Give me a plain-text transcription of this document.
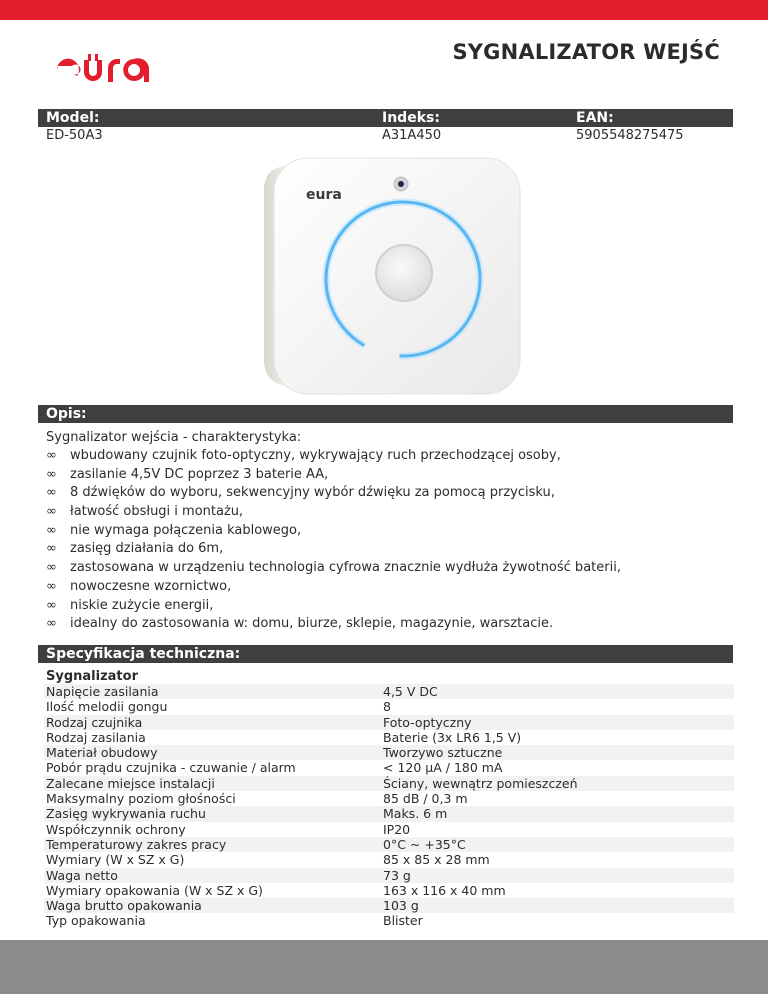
SYGNALIZATOR WEJŚĆ
Model:	Indeks:	EAN:
ED-50A3	A31A450	5905548275475
eura
Opis:
Sygnalizator wejścia - charakterystyka:
∞ wbudowany czujnik foto-optyczny, wykrywający ruch przechodzącej osoby,
∞ zasilanie 4,5V DC poprzez 3 baterie AA,
∞ 8 dźwięków do wyboru, sekwencyjny wybór dźwięku za pomocą przycisku,
∞ łatwość obsługi i montażu,
∞ nie wymaga połączenia kablowego,
∞ zasięg działania do 6m,
∞ zastosowana w urządzeniu technologia cyfrowa znacznie wydłuża żywotność baterii,
∞ nowoczesne wzornictwo,
∞ niskie zużycie energii,
∞ idealny do zastosowania w: domu, biurze, sklepie, magazynie, warsztacie.
Specyfikacja techniczna:
Sygnalizator
Napięcie zasilania	4,5 V DC
Ilość melodii gongu	8
Rodzaj czujnika	Foto-optyczny
Rodzaj zasilania	Baterie (3x LR6 1,5 V)
Materiał obudowy	Tworzywo sztuczne
Pobór prądu czujnika - czuwanie / alarm	< 120 µA / 180 mA
Zalecane miejsce instalacji	Ściany, wewnątrz pomieszczeń
Maksymalny poziom głośności	85 dB / 0,3 m
Zasięg wykrywania ruchu	Maks. 6 m
Współczynnik ochrony	IP20
Temperaturowy zakres pracy	0°C ~ +35°C
Wymiary (W x SZ x G)	85 x 85 x 28 mm
Waga netto	73 g
Wymiary opakowania (W x SZ x G)	163 x 116 x 40 mm
Waga brutto opakowania	103 g
Typ opakowania	Blister
